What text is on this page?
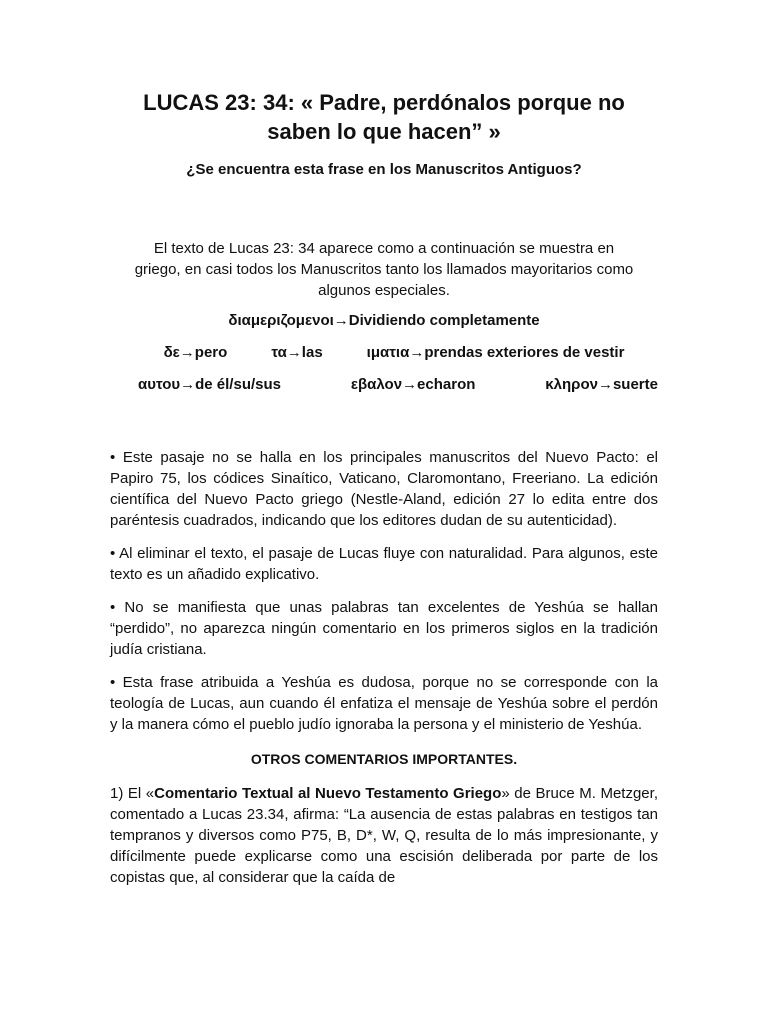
LUCAS 23: 34: « Padre, perdónalos porque no saben lo que hacen” »

¿Se encuentra esta frase en los Manuscritos Antiguos?

El texto de Lucas 23: 34 aparece como a continuación se muestra en griego, en casi todos los Manuscritos tanto los llamados mayoritarios como algunos especiales.

διαμεριζομενοι→Dividiendo completamente

δε→pero	τα→las	ιματια→prendas exteriores de vestir
αυτου→de él/su/sus	εβαλον→echaron	κληρον→suerte

• Este pasaje no se halla en los principales manuscritos del Nuevo Pacto: el Papiro 75, los códices Sinaítico, Vaticano, Claromontano, Freeriano. La edición científica del Nuevo Pacto griego (Nestle-Aland, edición 27 lo edita entre dos paréntesis cuadrados, indicando que los editores dudan de su autenticidad).

• Al eliminar el texto, el pasaje de Lucas fluye con naturalidad. Para algunos, este texto es un añadido explicativo.

• No se manifiesta que unas palabras tan excelentes de Yeshúa se hallan “perdido”, no aparezca ningún comentario en los primeros siglos en la tradición judía cristiana.

• Esta frase atribuida a Yeshúa es dudosa, porque no se corresponde con la teología de Lucas, aun cuando él enfatiza el mensaje de Yeshúa sobre el perdón y la manera cómo el pueblo judío ignoraba la persona y el ministerio de Yeshúa.

OTROS COMENTARIOS IMPORTANTES.

1) El «Comentario Textual al Nuevo Testamento Griego» de Bruce M. Metzger, comentado a Lucas 23.34, afirma: “La ausencia de estas palabras en testigos tan tempranos y diversos como P75, B, D*, W, Q, resulta de lo más impresionante, y difícilmente puede explicarse como una escisión deliberada por parte de los copistas que, al considerar que la caída de
